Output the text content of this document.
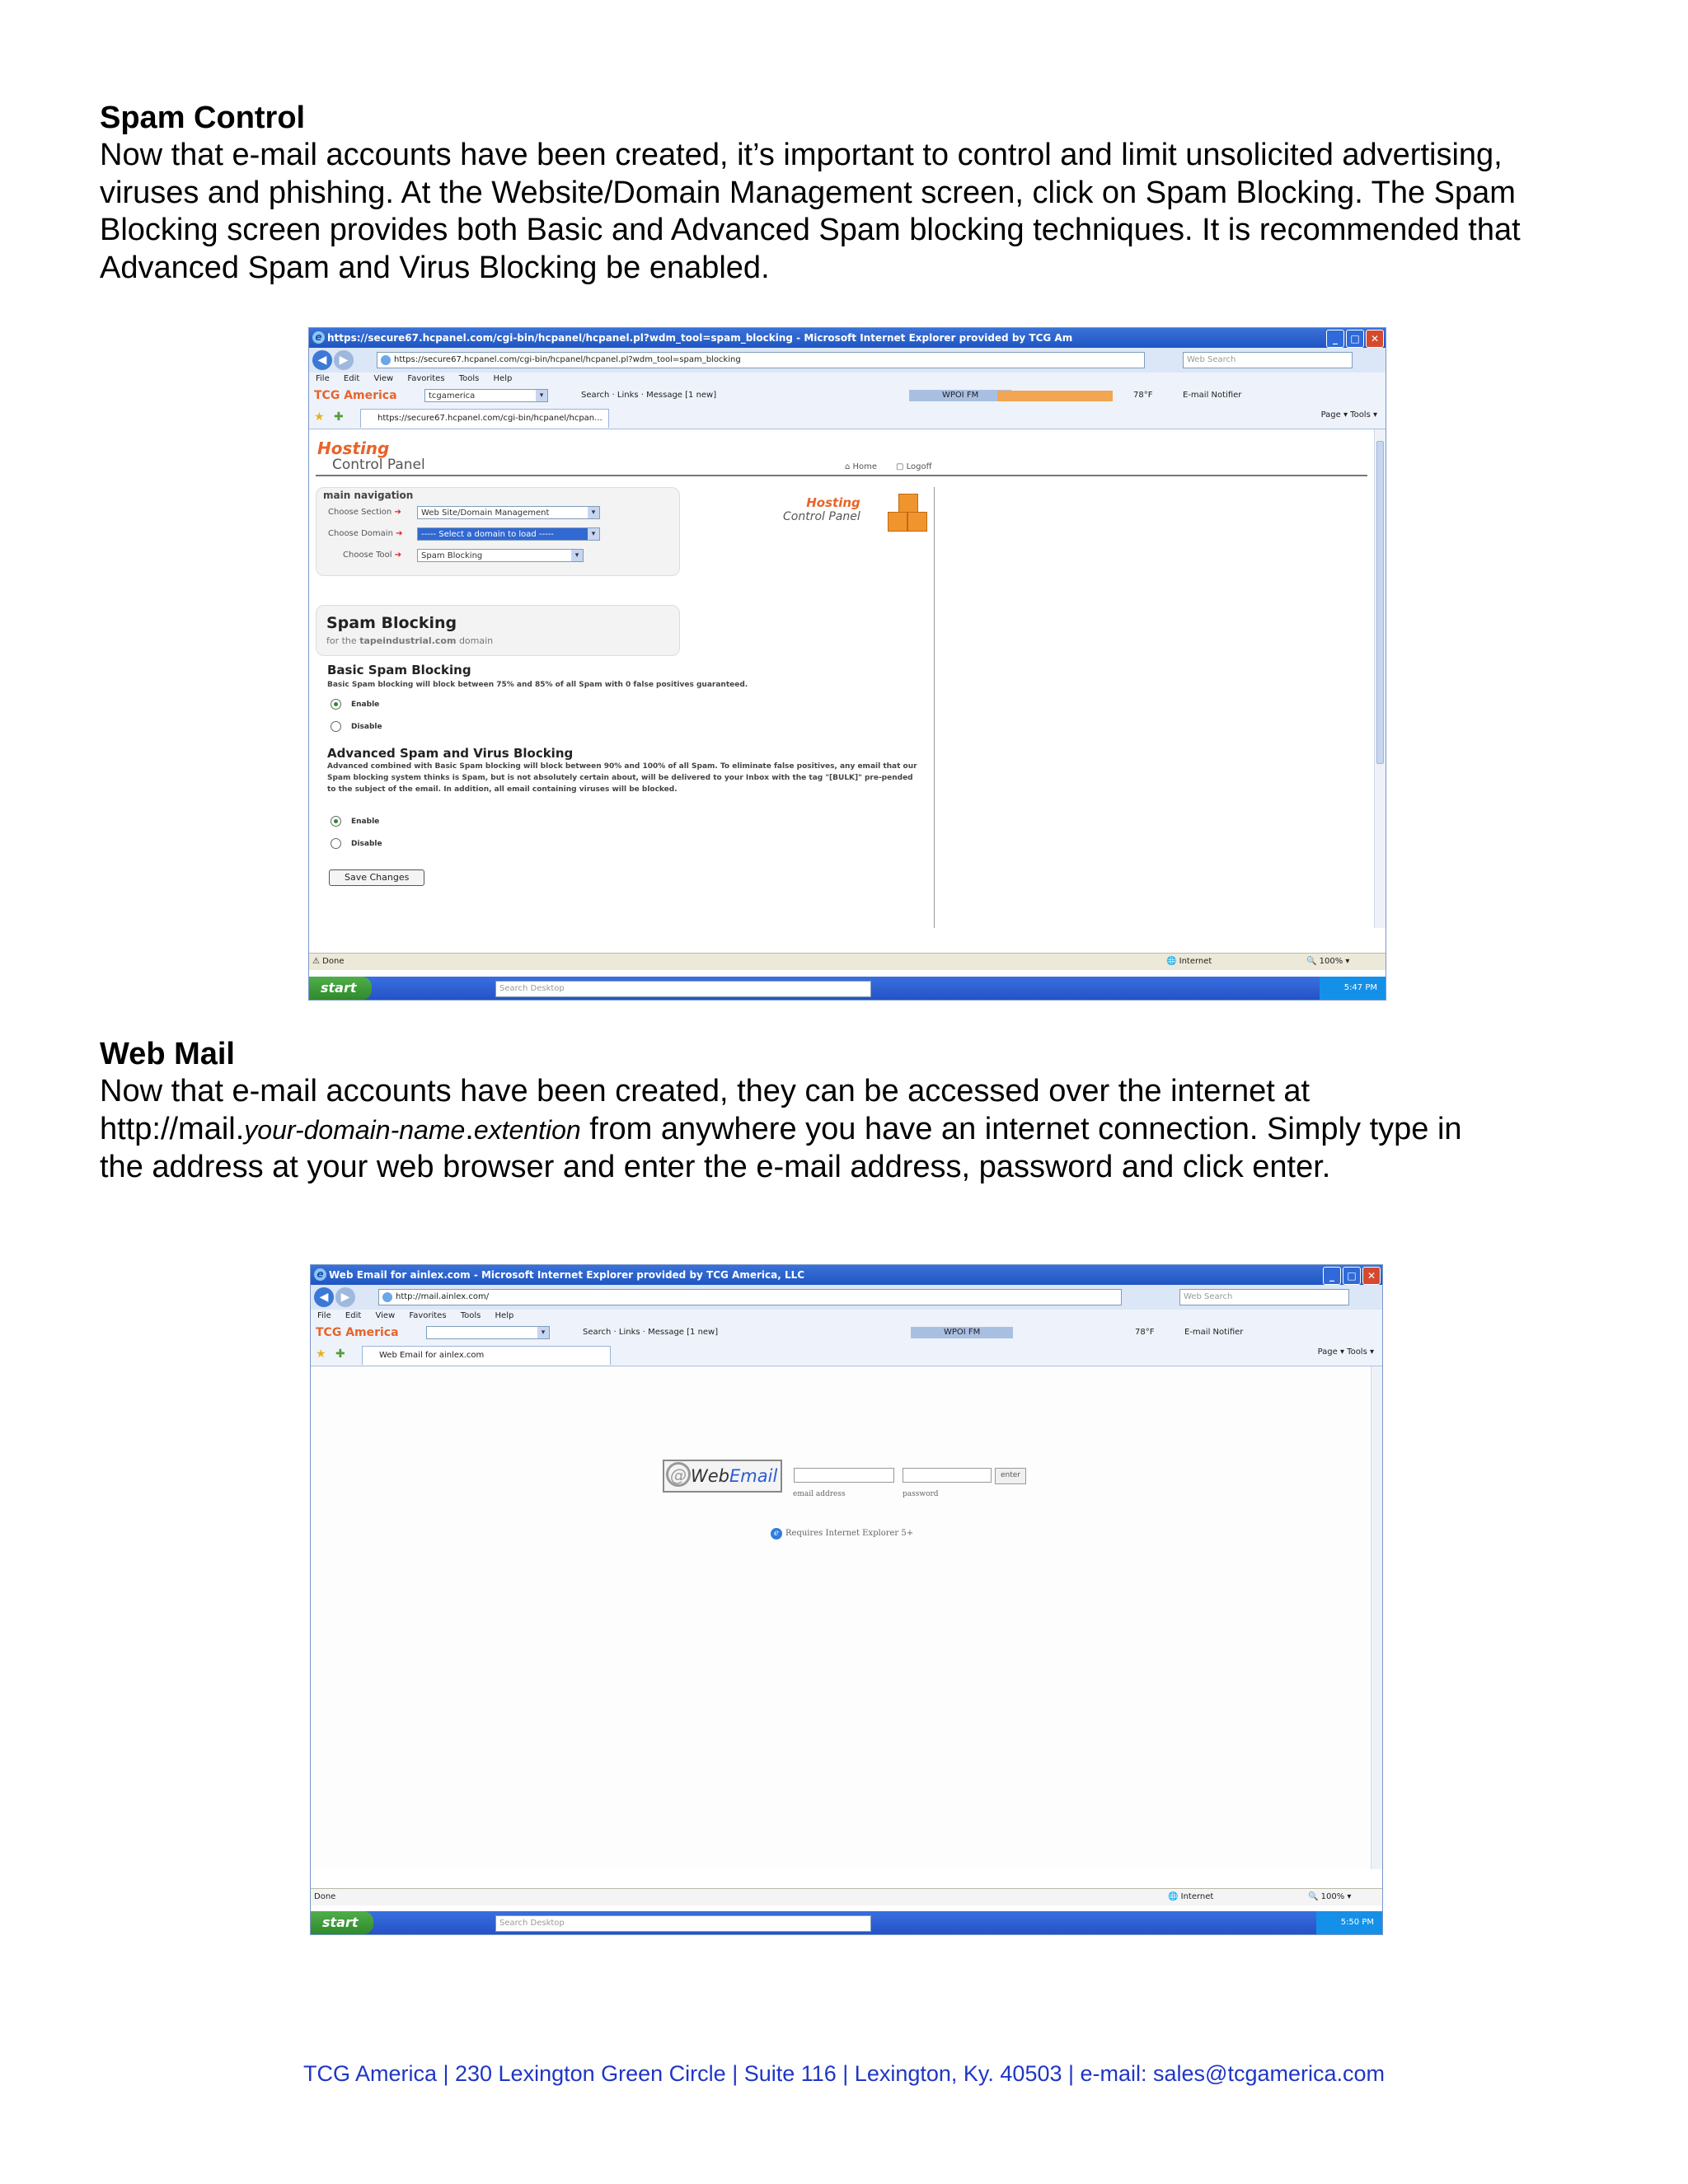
Spam Control

Now that e-mail accounts have been created, it’s important to control and limit unsolicited advertising, viruses and phishing. At the Website/Domain Management screen, click on Spam Blocking. The Spam Blocking screen provides both Basic and Advanced Spam blocking techniques. It is recommended that Advanced Spam and Virus Blocking be enabled.

e https://secure67.hcpanel.com/cgi-bin/hcpanel/hcpanel.pl?wdm_tool=spam_blocking - Microsoft Internet Explorer provided by TCG Am	_	□	✕
◀	▶	https://secure67.hcpanel.com/cgi-bin/hcpanel/hcpanel.pl?wdm_tool=spam_blocking	Web Search
File Edit View Favorites Tools Help
TCG America	tcgamerica	▾	Search · Links · Message [1 new]	WPOI FM	78°F	E-mail Notifier
★ ✚	https://secure67.hcpanel.com/cgi-bin/hcpanel/hcpan...	Page ▾ Tools ▾
Hosting
Control Panel	⌂ Home ▢ Logoff
main navigation
Choose Section ➔	Web Site/Domain Management	▾
Choose Domain ➔	----- Select a domain to load -----	▾
Choose Tool ➔	Spam Blocking	▾
Hosting
Control Panel
Spam Blocking
for the tapeindustrial.com domain
Basic Spam Blocking
Basic Spam blocking will block between 75% and 85% of all Spam with 0 false positives guaranteed.
Enable
Disable
Advanced Spam and Virus Blocking
Advanced combined with Basic Spam blocking will block between 90% and 100% of all Spam. To eliminate false positives, any email that our Spam blocking system thinks is Spam, but is not absolutely certain about, will be delivered to your Inbox with the tag "[BULK]" pre-pended to the subject of the email. In addition, all email containing viruses will be blocked.
Enable
Disable
Save Changes
⚠ Done	🌐 Internet	🔍 100% ▾
start	Search Desktop	5:47 PM
Web Mail

Now that e-mail accounts have been created, they can be accessed over the internet at

http://mail.your-domain-name.extention from anywhere you have an internet connection. Simply type in

the address at your web browser and enter the e-mail address, password and click enter.

e Web Email for ainlex.com - Microsoft Internet Explorer provided by TCG America, LLC	_	□	✕
◀	▶	http://mail.ainlex.com/	Web Search
File Edit View Favorites Tools Help
TCG America	▾	Search · Links · Message [1 new]	WPOI FM	78°F	E-mail Notifier
★ ✚	Web Email for ainlex.com	Page ▾ Tools ▾
@ WebEmail	enter
email address	password
e Requires Internet Explorer 5+
Done	🌐 Internet	🔍 100% ▾
start	Search Desktop	5:50 PM
TCG America | 230 Lexington Green Circle | Suite 116 | Lexington, Ky. 40503 | e-mail: sales@tcgamerica.com
